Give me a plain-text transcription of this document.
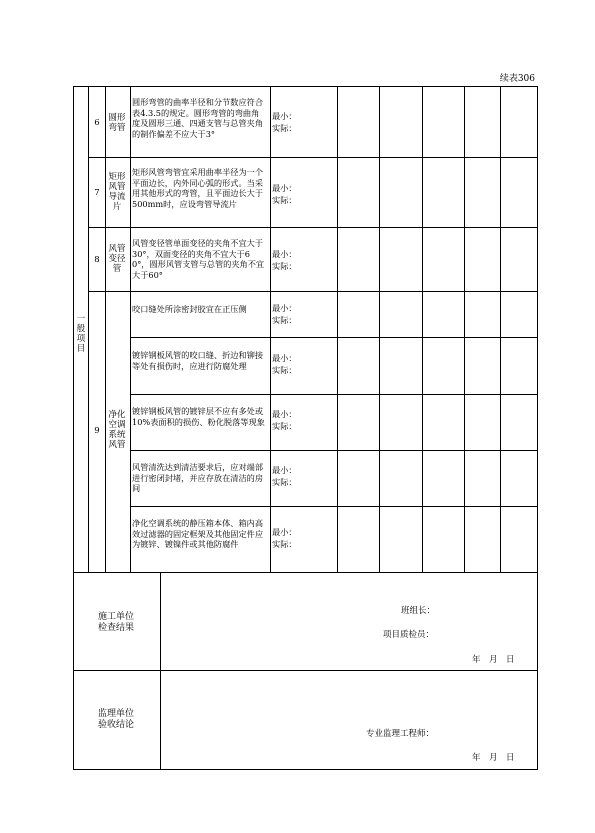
续表306
一般项目
6	圆形弯管
圆形弯管的曲率半径和分节数应符合表4.3.5的规定。圆形弯管的弯曲角度及圆形三通、四通支管与总管夹角的制作偏差不应大于3°
最小：
实际：
7
矩形风管导流片
矩形风管弯管宜采用曲率半径为一个平面边长，内外同心弧的形式。当采用其他形式的弯管，且平面边长大于500mm时，应设弯管导流片
最小：
实际：
8
风管变径管
风管变径管单面变径的夹角不宜大于30°，双面变径的夹角不宜大于60°，圆形风管支管与总管的夹角不宜大于60°
最小：
实际：
9
净化空调系统风管
咬口缝处所涂密封胶宜在正压侧	最小：
实际：
镀锌钢板风管的咬口缝、折边和铆接等处有损伤时，应进行防腐处理
最小：
实际：
镀锌钢板风管的镀锌层不应有多处或10%表面积的损伤、粉化脱落等现象
最小：
实际：
风管清洗达到清洁要求后，应对端部进行密闭封堵，并应存放在清洁的房间
最小：
实际：
净化空调系统的静压箱本体、箱内高效过滤器的固定框架及其他固定件应为镀锌、镀镍件或其他防腐件
最小：
实际：
施工单位检查结果
班组长：
项目质检员：
年　月　日
监理单位验收结论
专业监理工程师：
年　月　日
